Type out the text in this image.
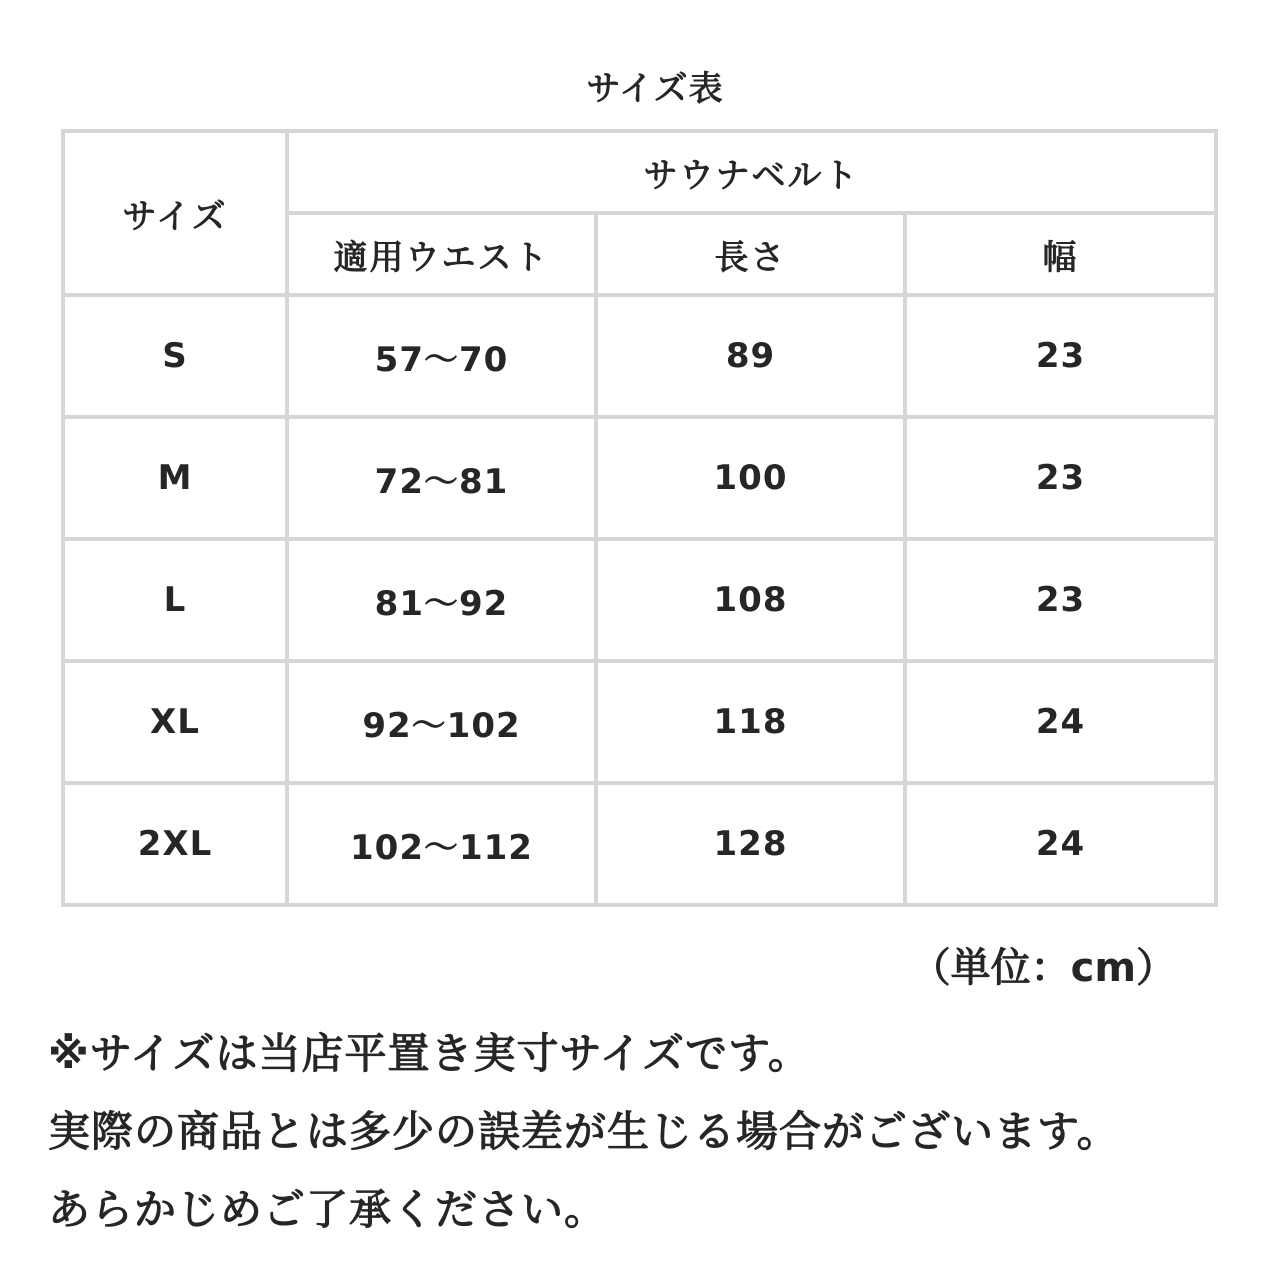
サイズ表
サイズ	サウナベルト		
	適用ウエスト	長さ	幅
S	57～70	89	23
M	72～81	100	23
L	81～92	108	23
XL	92～102	118	24
2XL	102～112	128	24
（単位：cm）
※サイズは当店平置き実寸サイズです。
実際の商品とは多少の誤差が生じる場合がございます。
あらかじめご了承ください。
